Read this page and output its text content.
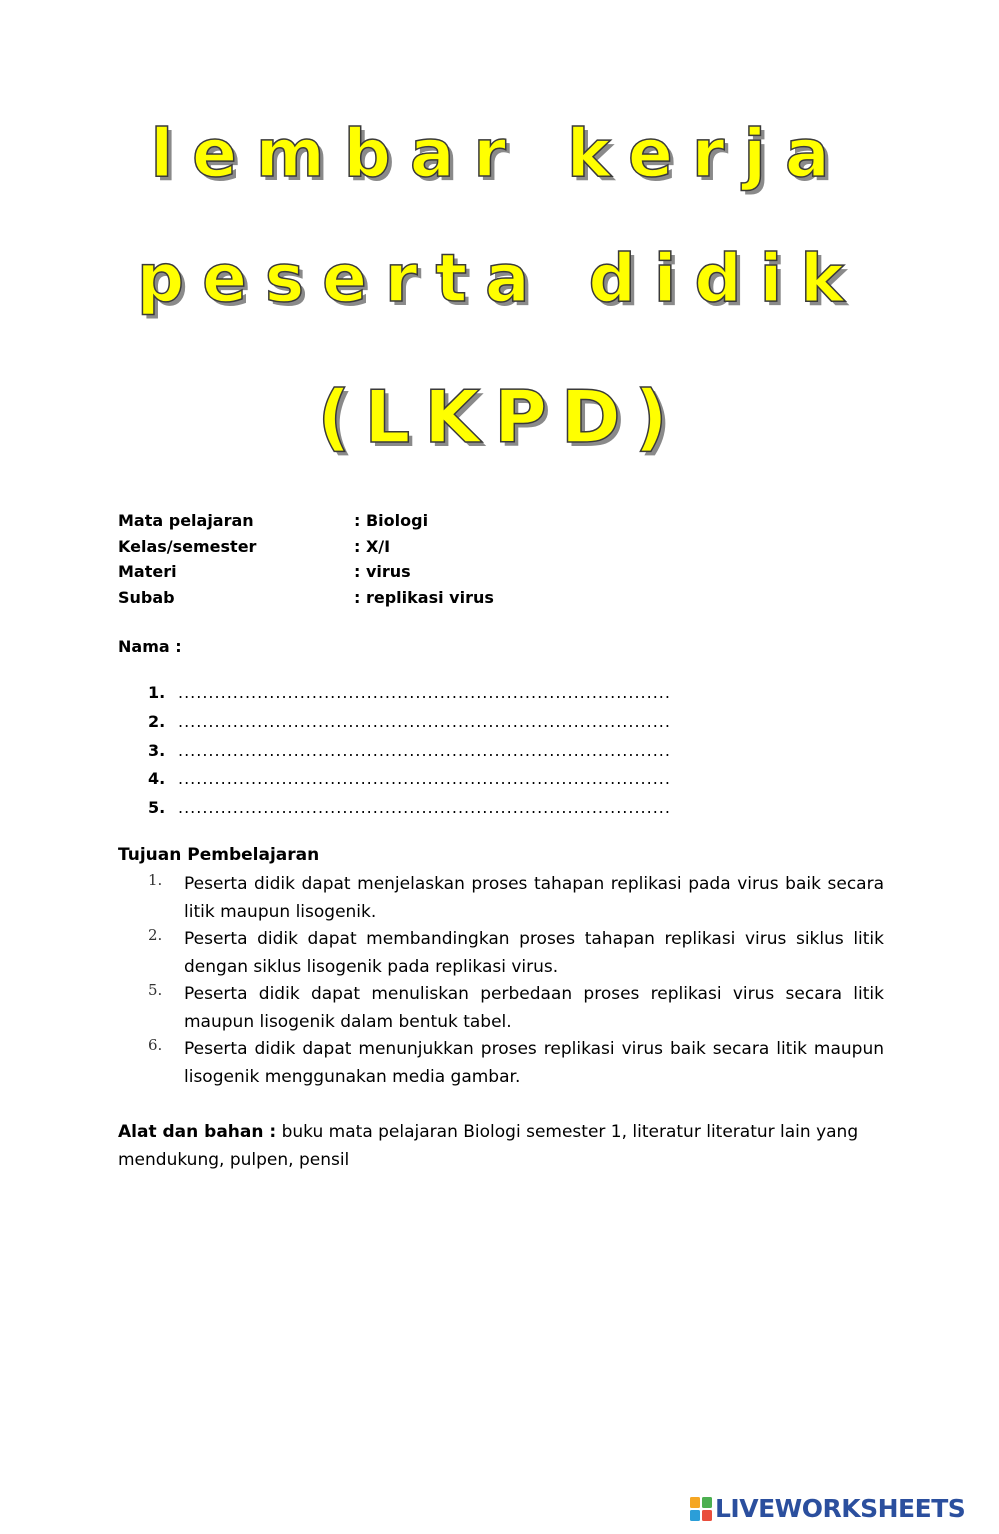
lembar kerja
peserta didik
(LKPD)
Mata pelajaran	: Biologi
Kelas/semester	: X/I
Materi	: virus
Subab	: replikasi virus
Nama :
1. .................................................................................
2. .................................................................................
3. .................................................................................
4. .................................................................................
5. .................................................................................
Tujuan Pembelajaran
1. Peserta didik dapat menjelaskan proses tahapan replikasi pada virus baik secara litik maupun lisogenik.
2. Peserta didik dapat membandingkan proses tahapan replikasi virus siklus litik dengan siklus lisogenik pada replikasi virus.
5. Peserta didik dapat menuliskan perbedaan proses replikasi virus secara litik maupun lisogenik dalam bentuk tabel.
6. Peserta didik dapat menunjukkan proses replikasi virus baik secara litik maupun lisogenik menggunakan media gambar.
Alat dan bahan : buku mata pelajaran Biologi semester 1, literatur literatur lain yang mendukung, pulpen, pensil
LIVEWORKSHEETS
